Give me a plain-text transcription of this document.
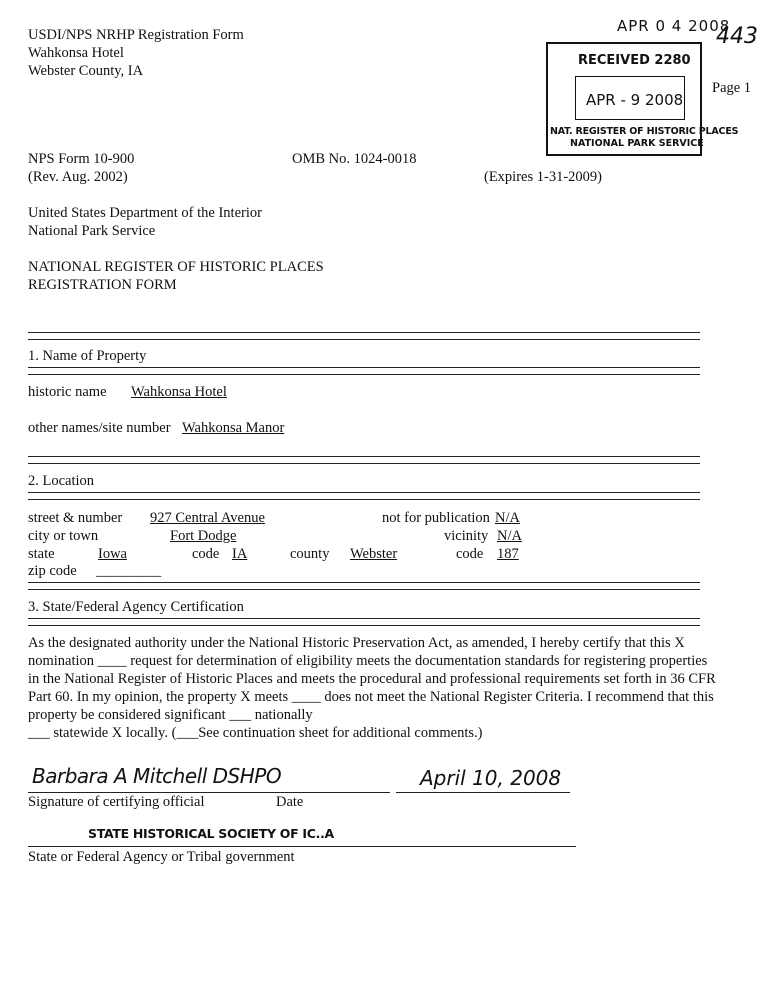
USDI/NPS NRHP Registration Form
Wahkonsa Hotel
Webster County, IA
Page 1
APR 0 4 2008
443
RECEIVED 2280
APR - 9 2008
NAT. REGISTER OF HISTORIC PLACES
NATIONAL PARK SERVICE
NPS Form 10-900
(Rev. Aug. 2002)
OMB No. 1024-0018
(Expires 1-31-2009)
United States Department of the Interior
National Park Service
NATIONAL REGISTER OF HISTORIC PLACES
REGISTRATION FORM
1. Name of Property
historic name Wahkonsa Hotel
other names/site number Wahkonsa Manor
2. Location
street & number 927 Central Avenue	not for publication N/A
city or town	Fort Dodge	vicinity N/A
state	Iowa	code IA	county Webster	code 187
zip code _________
3. State/Federal Agency Certification
As the designated authority under the National Historic Preservation Act, as amended, I hereby certify that this X
nomination ____ request for determination of eligibility meets the documentation standards for registering properties
in the National Register of Historic Places and meets the procedural and professional requirements set forth in 36 CFR
Part 60. In my opinion, the property X meets ____ does not meet the National Register Criteria. I recommend that this
property be considered significant ___ nationally
___ statewide X locally. (___See continuation sheet for additional comments.)
Barbara A Mitchell DSHPO	April 10, 2008
Signature of certifying official	Date
STATE HISTORICAL SOCIETY OF IC..A
State or Federal Agency or Tribal government
